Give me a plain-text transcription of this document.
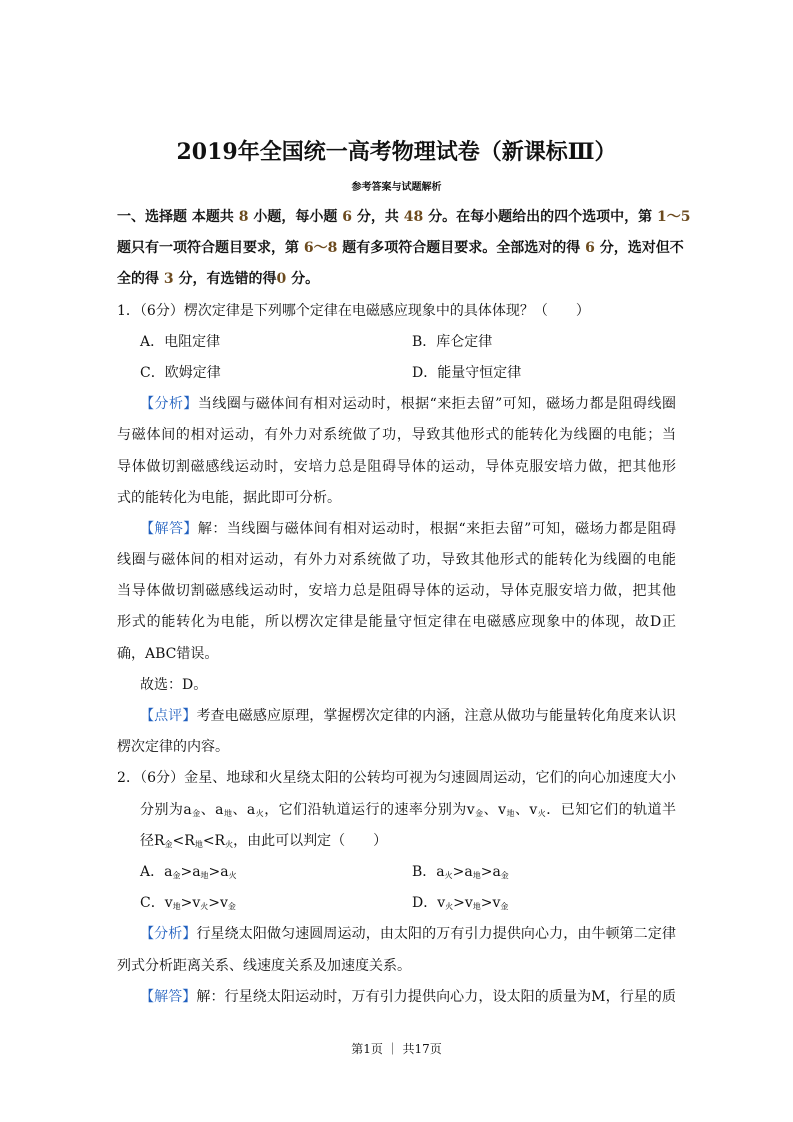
2019年全国统一高考物理试卷（新课标Ⅲ）
参考答案与试题解析
一、选择题 本题共 8 小题，每小题 6 分，共 48 分。在每小题给出的四个选项中，第 1～5
题只有一项符合题目要求，第 6～8 题有多项符合题目要求。全部选对的得 6 分，选对但不
全的得 3 分，有选错的得0 分。
1．（6分）楞次定律是下列哪个定律在电磁感应现象中的具体体现？（　　）
A．电阻定律	B．库仑定律
C．欧姆定律	D．能量守恒定律
【分析】当线圈与磁体间有相对运动时，根据“来拒去留”可知，磁场力都是阻碍线圈
与磁体间的相对运动，有外力对系统做了功，导致其他形式的能转化为线圈的电能；当
导体做切割磁感线运动时，安培力总是阻碍导体的运动，导体克服安培力做，把其他形
式的能转化为电能，据此即可分析。
【解答】解：当线圈与磁体间有相对运动时，根据“来拒去留”可知，磁场力都是阻碍
线圈与磁体间的相对运动，有外力对系统做了功，导致其他形式的能转化为线圈的电能
当导体做切割磁感线运动时，安培力总是阻碍导体的运动，导体克服安培力做，把其他
形式的能转化为电能，所以楞次定律是能量守恒定律在电磁感应现象中的体现，故D正
确，ABC错误。
故选：D。
【点评】考查电磁感应原理，掌握楞次定律的内涵，注意从做功与能量转化角度来认识
楞次定律的内容。
2．（6分）金星、地球和火星绕太阳的公转均可视为匀速圆周运动，它们的向心加速度大小
分别为$a_金$、$a_地$、$a_火$，它们沿轨道运行的速率分别为$v_金$、$v_地$、$v_火$．已知它们的轨道半
径$R_金<R_地<R_火$，由此可以判定（　　）
A．$a_金>a_地>a_火$	B．$a_火>a_地>a_金$
C．$v_地>v_火>v_金$	D．$v_火>v_地>v_金$
【分析】行星绕太阳做匀速圆周运动，由太阳的万有引力提供向心力，由牛顿第二定律
列式分析距离关系、线速度关系及加速度关系。
【解答】解：行星绕太阳运动时，万有引力提供向心力，设太阳的质量为M，行星的质
第1页 ｜ 共17页
